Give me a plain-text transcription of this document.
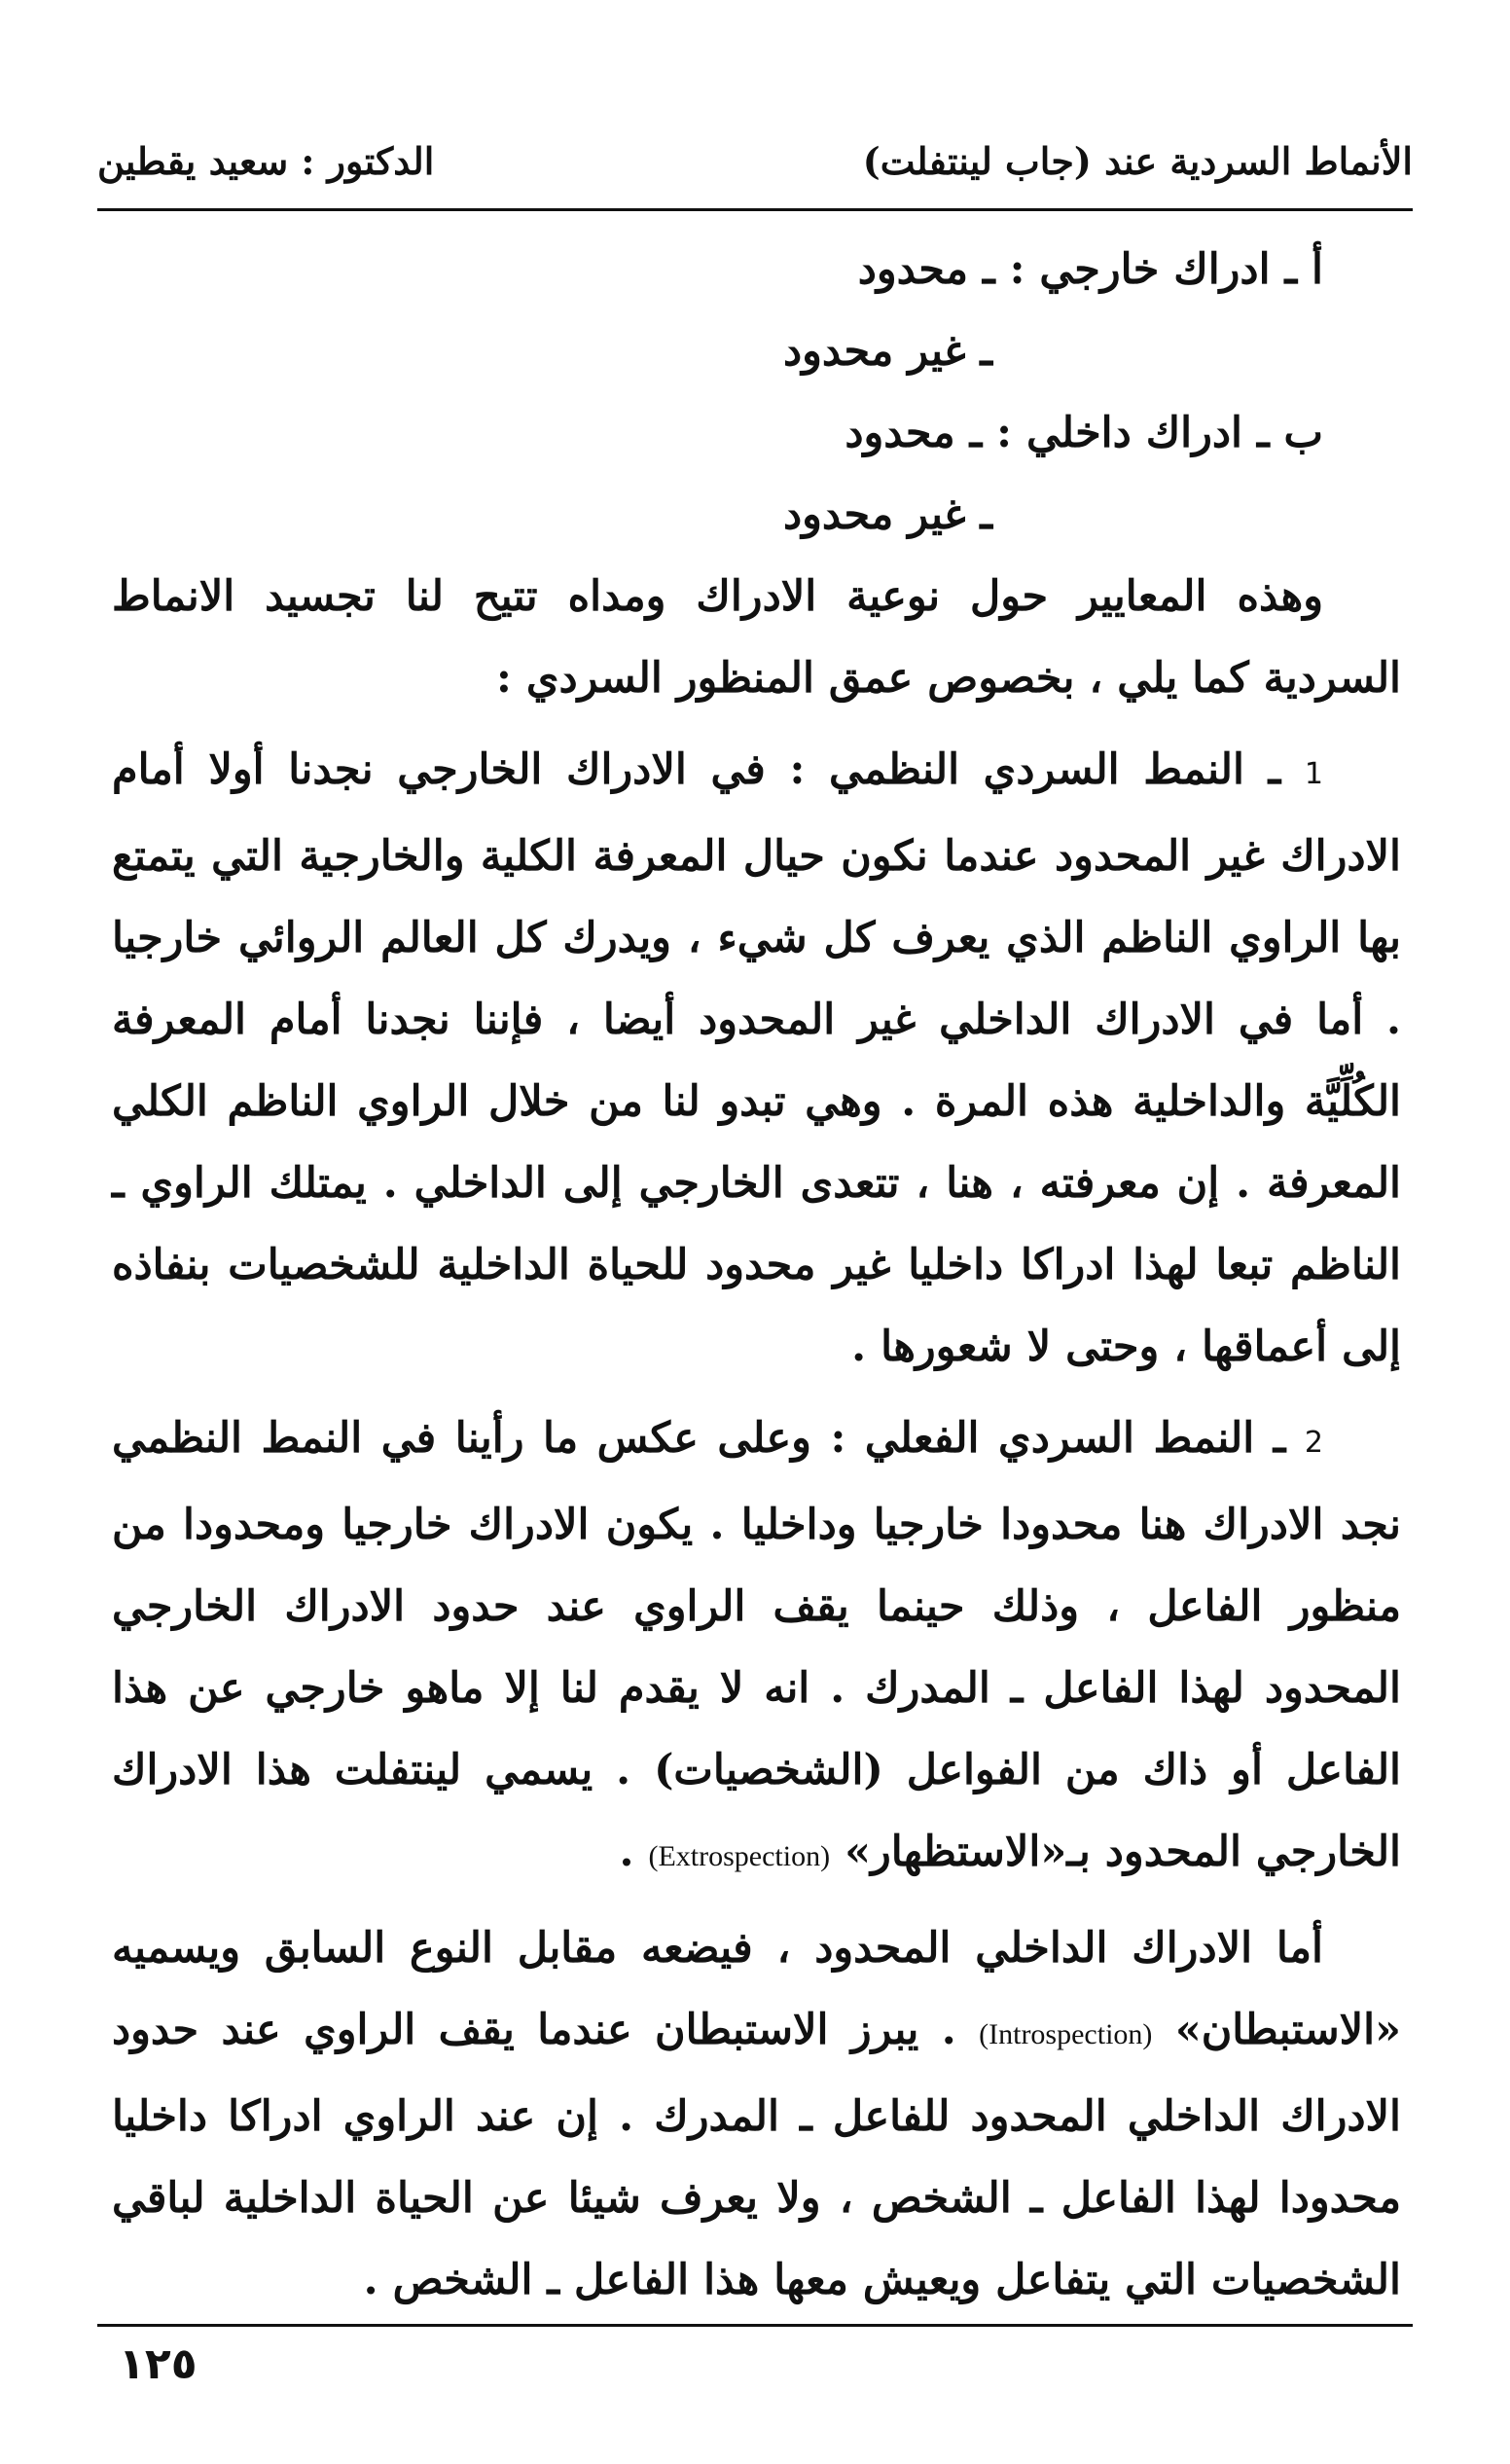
الأنماط السردية عند (جاب لينتفلت)
الدكتور : سعيد يقطين

أ ـ ادراك خارجي : ـ محدود

ـ غير محدود

ب ـ ادراك داخلي : ـ محدود

ـ غير محدود

وهذه المعايير حول نوعية الادراك ومداه تتيح لنا تجسيد الانماط السردية كما يلي ، بخصوص عمق المنظور السردي :

1 ـ النمط السردي النظمي : في الادراك الخارجي نجدنا أولا أمام الادراك غير المحدود عندما نكون حيال المعرفة الكلية والخارجية التي يتمتع بها الراوي الناظم الذي يعرف كل شيء ، ويدرك كل العالم الروائي خارجيا . أما في الادراك الداخلي غير المحدود أيضا ، فإننا نجدنا أمام المعرفة الكُلِّيَّة والداخلية هذه المرة . وهي تبدو لنا من خلال الراوي الناظم الكلي المعرفة . إن معرفته ، هنا ، تتعدى الخارجي إلى الداخلي . يمتلك الراوي ـ الناظم تبعا لهذا ادراكا داخليا غير محدود للحياة الداخلية للشخصيات بنفاذه إلى أعماقها ، وحتى لا شعورها .

2 ـ النمط السردي الفعلي : وعلى عكس ما رأينا في النمط النظمي نجد الادراك هنا محدودا خارجيا وداخليا . يكون الادراك خارجيا ومحدودا من منظور الفاعل ، وذلك حينما يقف الراوي عند حدود الادراك الخارجي المحدود لهذا الفاعل ـ المدرك . انه لا يقدم لنا إلا ماهو خارجي عن هذا الفاعل أو ذاك من الفواعل (الشخصيات) . يسمي لينتفلت هذا الادراك الخارجي المحدود بـ«الاستظهار» (Extrospection) .

أما الادراك الداخلي المحدود ، فيضعه مقابل النوع السابق ويسميه «الاستبطان» (Introspection) . يبرز الاستبطان عندما يقف الراوي عند حدود الادراك الداخلي المحدود للفاعل ـ المدرك . إن عند الراوي ادراكا داخليا محدودا لهذا الفاعل ـ الشخص ، ولا يعرف شيئا عن الحياة الداخلية لباقي الشخصيات التي يتفاعل ويعيش معها هذا الفاعل ـ الشخص .

١٢٥
